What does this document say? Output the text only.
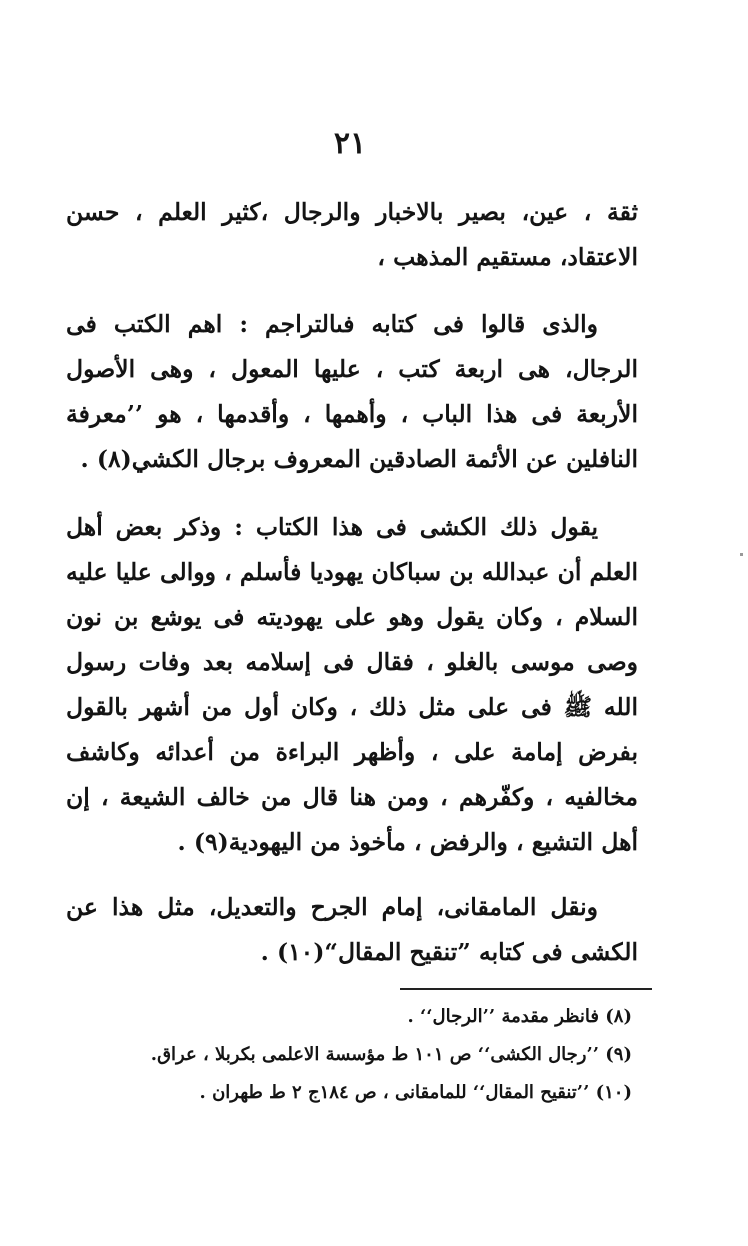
٢١
ثقة ، عين، بصير بالاخبار والرجال ،كثير العلم ، حسن الاعتقاد، مستقيم المذهب ،
والذى قالوا فى كتابه فىالتراجم : اهم الكتب فى الرجال، هى اربعة كتب ، عليها المعول ، وهى الأصول الأربعة فى هذا الباب ، وأهمها ، وأقدمها ، هو ’’معرفة النافلين عن الأئمة الصادقين المعروف برجال الكشي(٨) .
يقول ذلك الكشى فى هذا الكتاب : وذكر بعض أهل العلم أن عبدالله بن سباكان يهوديا فأسلم ، ووالى عليا عليه السلام ، وكان يقول وهو على يهوديته فى يوشع بن نون وصى موسى بالغلو ، فقال فى إسلامه بعد وفات رسول الله ﷺ فى على مثل ذلك ، وكان أول من أشهر بالقول بفرض إمامة على ، وأظهر البراءة من أعدائه وكاشف مخالفيه ، وكفّرهم ، ومن هنا قال من خالف الشيعة ، إن أهل التشيع ، والرفض ، مأخوذ من اليهودية(٩) .
ونقل المامقانى، إمام الجرح والتعديل، مثل هذا عن الكشى فى كتابه ”تنقيح المقال“(١٠) .
(٨) فانظر مقدمة ’’الرجال‘‘ .
(٩) ’’رجال الكشى‘‘ ص ١٠١ ط مؤسسة الاعلمى بكربلا ، عراق.
(١٠) ’’تنقيح المقال‘‘ للمامقانى ، ص ١٨٤ج ٢ ط طهران .
